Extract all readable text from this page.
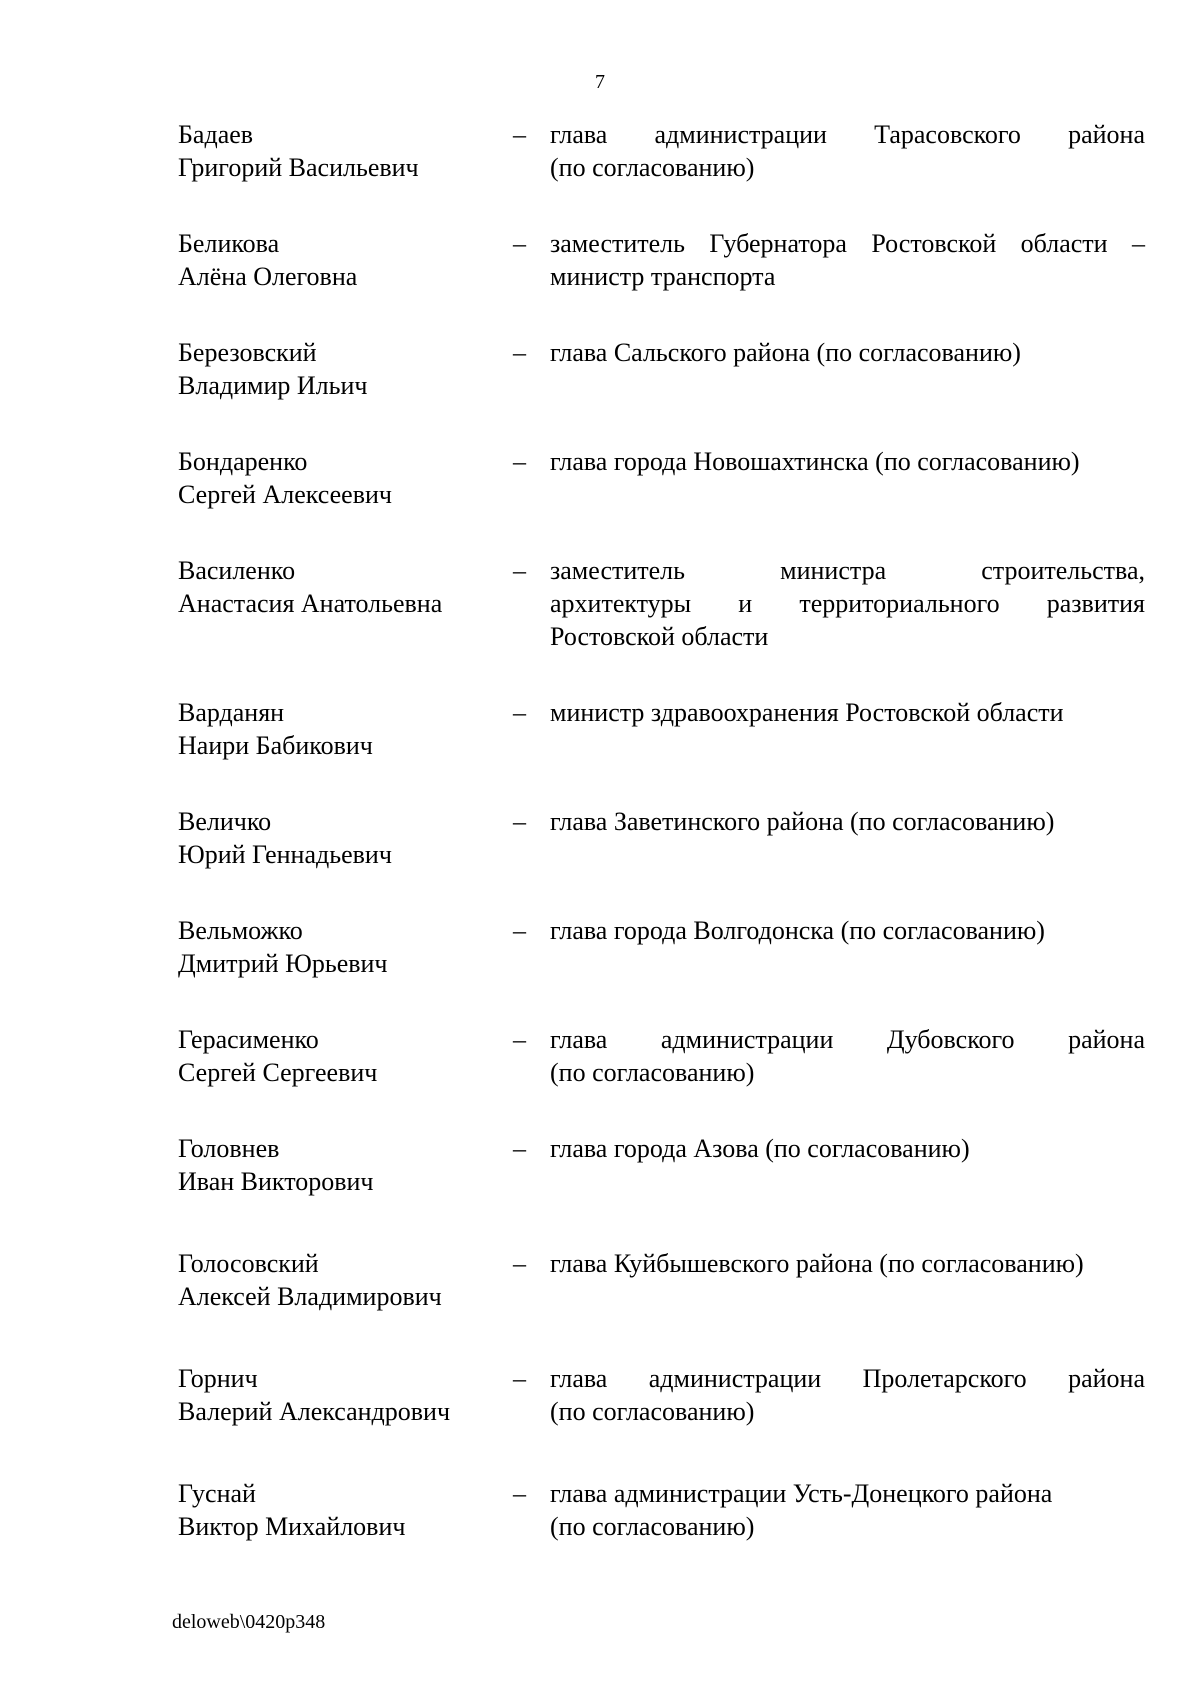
7
Бадаев
Григорий Васильевич
– глава администрации Тарасовского района
(по согласованию)
Беликова
Алёна Олеговна
– заместитель Губернатора Ростовской области –
министр транспорта
Березовский
Владимир Ильич
– глава Сальского района (по согласованию)
Бондаренко
Сергей Алексеевич
– глава города Новошахтинска (по согласованию)
Василенко
Анастасия Анатольевна
– заместитель министра строительства,
архитектуры и территориального развития
Ростовской области
Варданян
Наири Бабикович
– министр здравоохранения Ростовской области
Величко
Юрий Геннадьевич
– глава Заветинского района (по согласованию)
Вельможко
Дмитрий Юрьевич
– глава города Волгодонска (по согласованию)
Герасименко
Сергей Сергеевич
– глава администрации Дубовского района
(по согласованию)
Головнев
Иван Викторович
– глава города Азова (по согласованию)
Голосовский
Алексей Владимирович
– глава Куйбышевского района (по согласованию)
Горнич
Валерий Александрович
– глава администрации Пролетарского района
(по согласованию)
Гуснай
Виктор Михайлович
– глава администрации Усть-Донецкого района
(по согласованию)
deloweb\0420p348
